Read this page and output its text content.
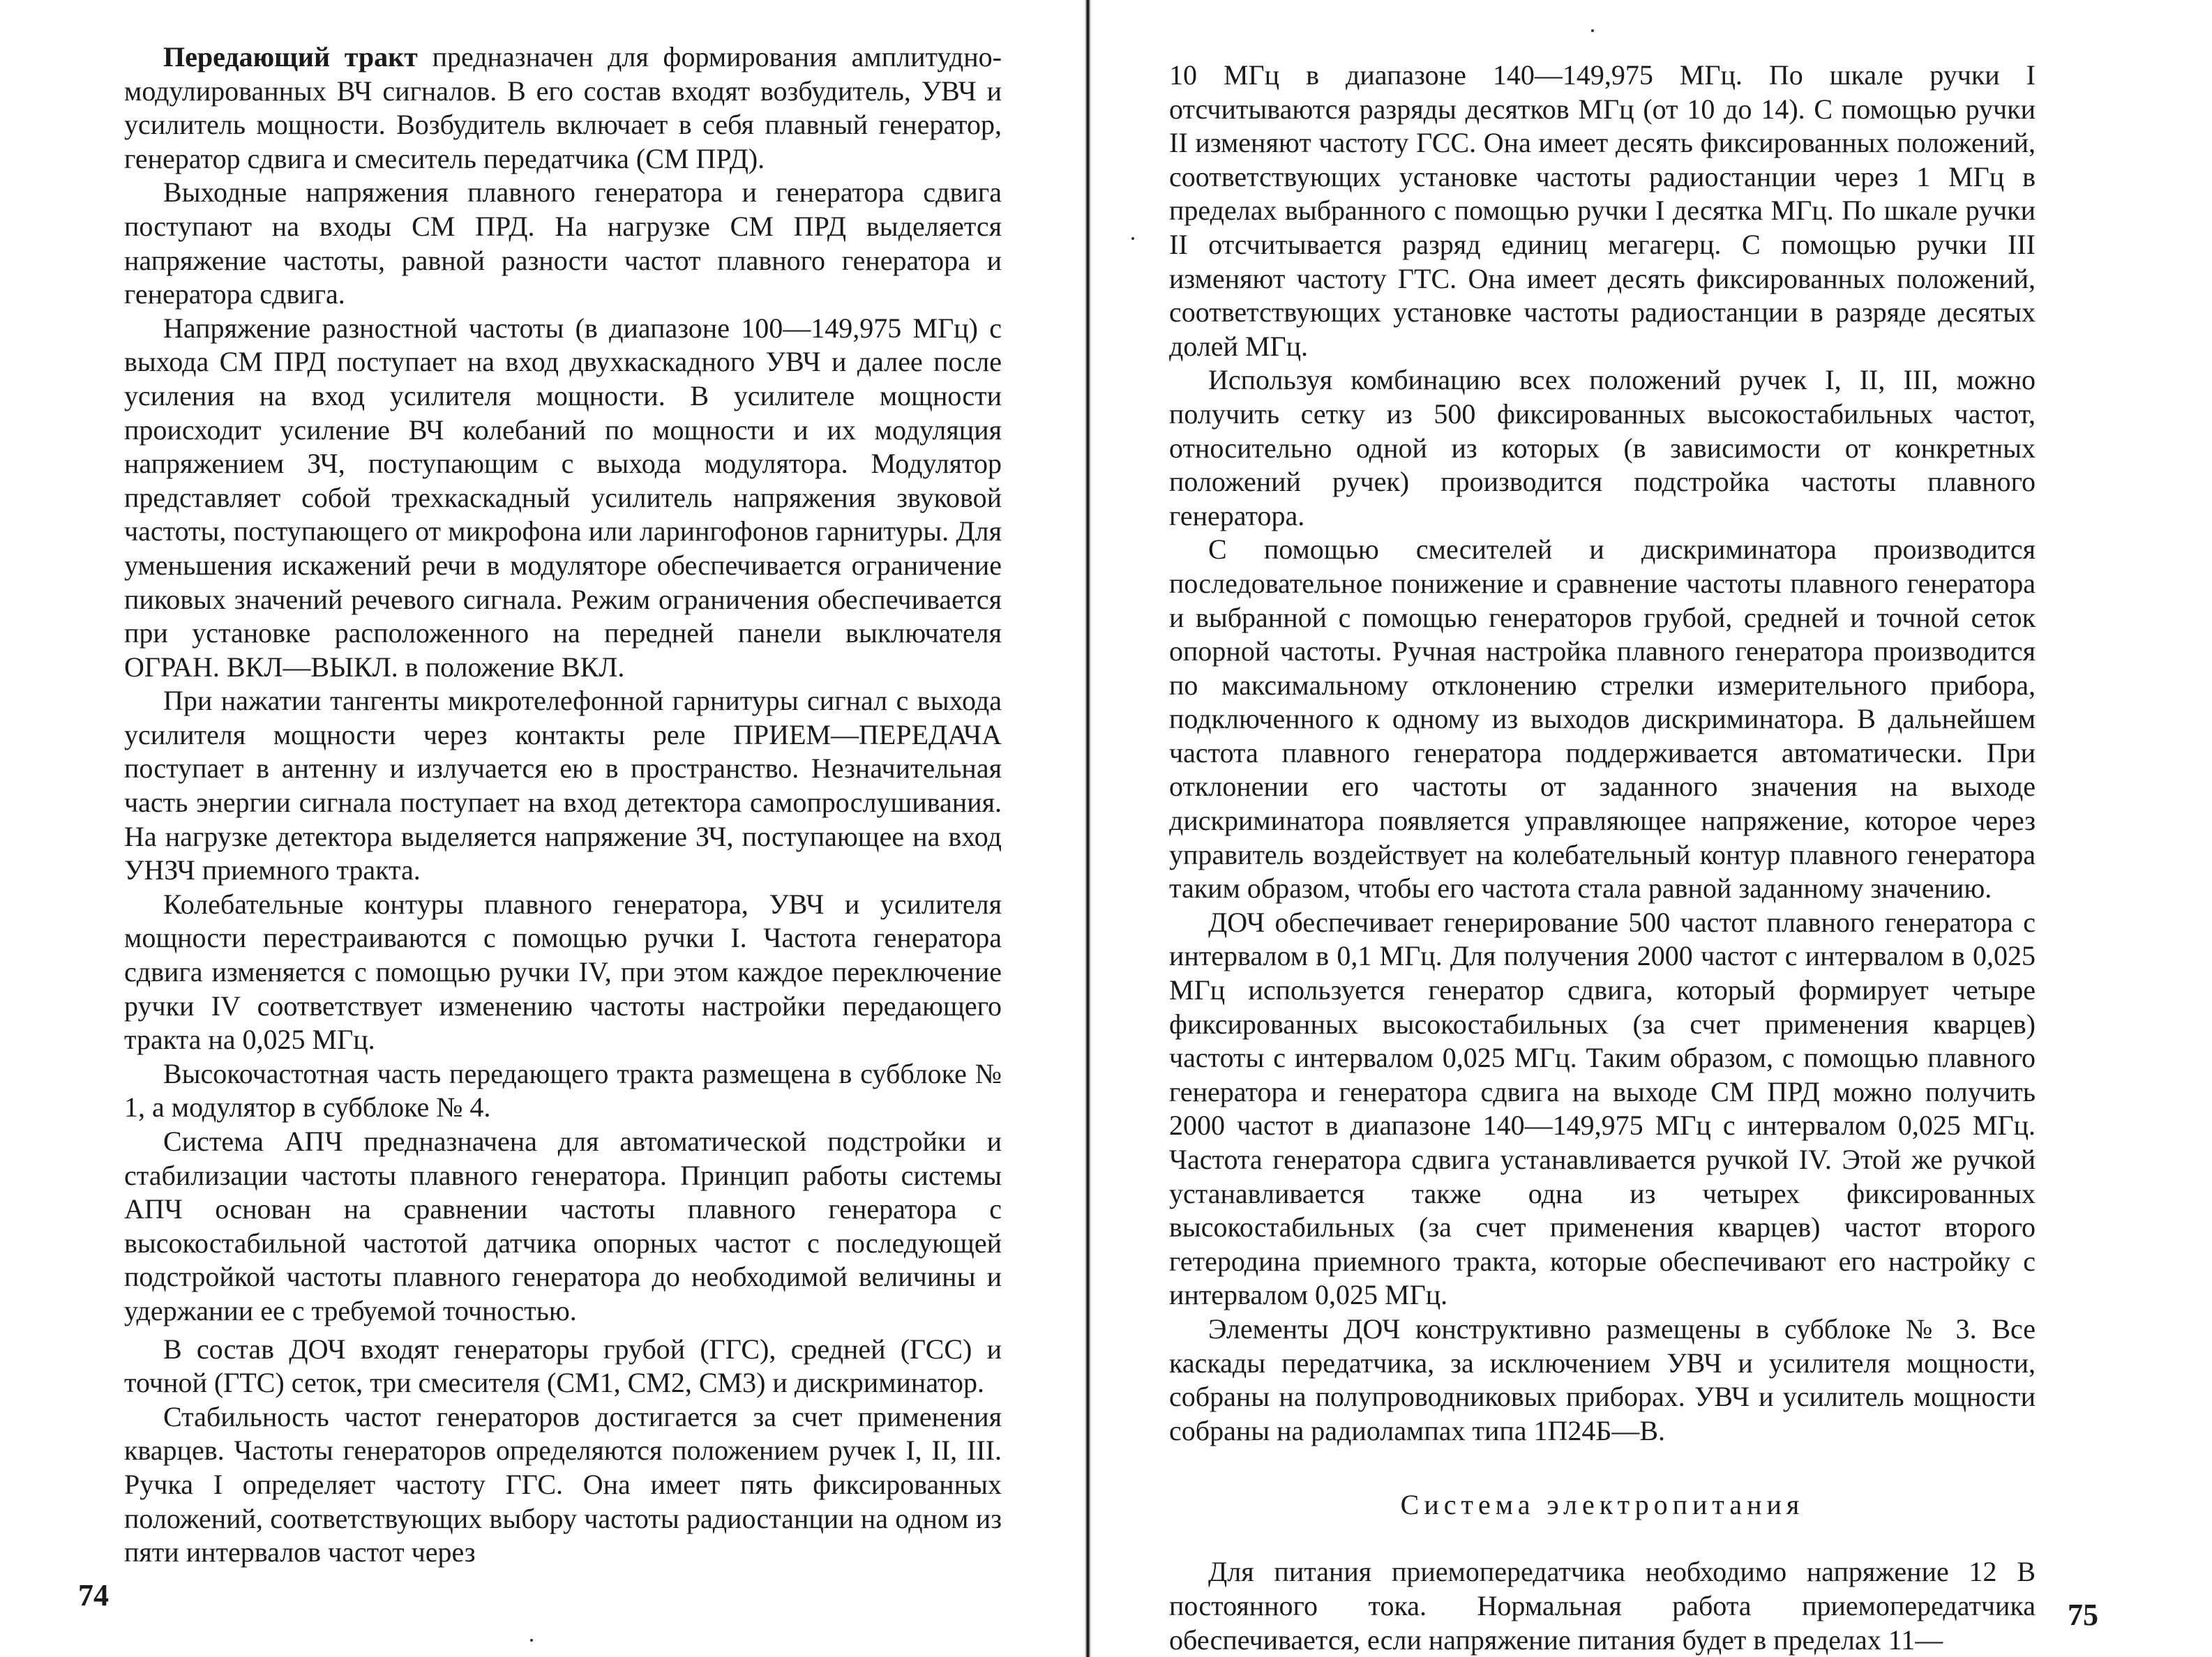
Передающий тракт предназначен для формирования амплитудно-модулированных ВЧ сигналов. В его состав входят возбудитель, УВЧ и усилитель мощности. Возбудитель включает в себя плавный генератор, генератор сдвига и смеситель передатчика (СМ ПРД).

Выходные напряжения плавного генератора и генератора сдвига поступают на входы СМ ПРД. На нагрузке СМ ПРД выделяется напряжение частоты, равной разности частот плавного генератора и генератора сдвига.

Напряжение разностной частоты (в диапазоне 100—149,975 МГц) с выхода СМ ПРД поступает на вход двухкаскадного УВЧ и далее после усиления на вход усилителя мощности. В усилителе мощности происходит усиление ВЧ колебаний по мощности и их модуляция напряжением ЗЧ, поступающим с выхода модулятора. Модулятор представляет собой трехкаскадный усилитель напряжения звуковой частоты, поступающего от микрофона или ларингофонов гарнитуры. Для уменьшения искажений речи в модуляторе обеспечивается ограничение пиковых значений речевого сигнала. Режим ограничения обеспечивается при установке расположенного на передней панели выключателя ОГРАН. ВКЛ—ВЫКЛ. в положение ВКЛ.

При нажатии тангенты микротелефонной гарнитуры сигнал с выхода усилителя мощности через контакты реле ПРИЕМ—ПЕРЕДАЧА поступает в антенну и излучается ею в пространство. Незначительная часть энергии сигнала поступает на вход детектора самопрослушивания. На нагрузке детектора выделяется напряжение ЗЧ, поступающее на вход УНЗЧ приемного тракта.

Колебательные контуры плавного генератора, УВЧ и усилителя мощности перестраиваются с помощью ручки I. Частота генератора сдвига изменяется с помощью ручки IV, при этом каждое переключение ручки IV соответствует изменению частоты настройки передающего тракта на 0,025 МГц.

Высокочастотная часть передающего тракта размещена в субблоке № 1, а модулятор в субблоке № 4.

Система АПЧ предназначена для автоматической подстройки и стабилизации частоты плавного генератора. Принцип работы системы АПЧ основан на сравнении частоты плавного генератора с высокостабильной частотой датчика опорных частот с последующей подстройкой частоты плавного генератора до необходимой величины и удержании ее с требуемой точностью.

В состав ДОЧ входят генераторы грубой (ГГС), средней (ГСС) и точной (ГТС) сеток, три смесителя (СМ1, СМ2, СМ3) и дискриминатор.

Стабильность частот генераторов достигается за счет применения кварцев. Частоты генераторов определяются положением ручек I, II, III. Ручка I определяет частоту ГГС. Она имеет пять фиксированных положений, соответствующих выбору частоты радиостанции на одном из пяти интервалов частот через

74

10 МГц в диапазоне 140—149,975 МГц. По шкале ручки I отсчитываются разряды десятков МГц (от 10 до 14). С помощью ручки II изменяют частоту ГСС. Она имеет десять фиксированных положений, соответствующих установке частоты радиостанции через 1 МГц в пределах выбранного с помощью ручки I десятка МГц. По шкале ручки II отсчитывается разряд единиц мегагерц. С помощью ручки III изменяют частоту ГТС. Она имеет десять фиксированных положений, соответствующих установке частоты радиостанции в разряде десятых долей МГц.

Используя комбинацию всех положений ручек I, II, III, можно получить сетку из 500 фиксированных высокостабильных частот, относительно одной из которых (в зависимости от конкретных положений ручек) производится подстройка частоты плавного генератора.

С помощью смесителей и дискриминатора производится последовательное понижение и сравнение частоты плавного генератора и выбранной с помощью генераторов грубой, средней и точной сеток опорной частоты. Ручная настройка плавного генератора производится по максимальному отклонению стрелки измерительного прибора, подключенного к одному из выходов дискриминатора. В дальнейшем частота плавного генератора поддерживается автоматически. При отклонении его частоты от заданного значения на выходе дискриминатора появляется управляющее напряжение, которое через управитель воздействует на колебательный контур плавного генератора таким образом, чтобы его частота стала равной заданному значению.

ДОЧ обеспечивает генерирование 500 частот плавного генератора с интервалом в 0,1 МГц. Для получения 2000 частот с интервалом в 0,025 МГц используется генератор сдвига, который формирует четыре фиксированных высокостабильных (за счет применения кварцев) частоты с интервалом 0,025 МГц. Таким образом, с помощью плавного генератора и генератора сдвига на выходе СМ ПРД можно получить 2000 частот в диапазоне 140—149,975 МГц с интервалом 0,025 МГц. Частота генератора сдвига устанавливается ручкой IV. Этой же ручкой устанавливается также одна из четырех фиксированных высокостабильных (за счет применения кварцев) частот второго гетеродина приемного тракта, которые обеспечивают его настройку с интервалом 0,025 МГц.

Элементы ДОЧ конструктивно размещены в субблоке № 3. Все каскады передатчика, за исключением УВЧ и усилителя мощности, собраны на полупроводниковых приборах. УВЧ и усилитель мощности собраны на радиолампах типа 1П24Б—В.

Система электропитания

Для питания приемопередатчика необходимо напряжение 12 В постоянного тока. Нормальная работа приемопередатчика обеспечивается, если напряжение питания будет в пределах 11—

75
